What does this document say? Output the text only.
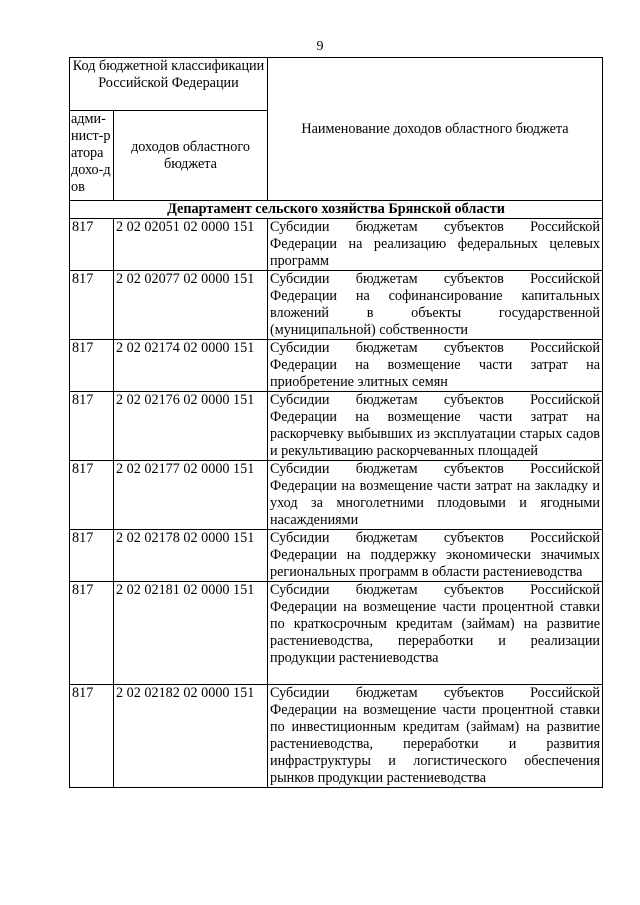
9
Код бюджетной классификации Российской Федерации		Наименование доходов областного бюджета
адми-нист-ратора дохо-дов	доходов областного бюджета	
Департамент сельского хозяйства Брянской области		
817	2 02 02051 02 0000 151	Субсидии бюджетам субъектов Российской Федерации на реализацию федеральных целевых программ
817	2 02 02077 02 0000 151	Субсидии бюджетам субъектов Российской Федерации на софинансирование капитальных вложений в объекты государственной (муниципальной) собственности
817	2 02 02174 02 0000 151	Субсидии бюджетам субъектов Российской Федерации на возмещение части затрат на приобретение элитных семян
817	2 02 02176 02 0000 151	Субсидии бюджетам субъектов Российской Федерации на возмещение части затрат на раскорчевку выбывших из эксплуатации старых садов и рекультивацию раскорчеванных площадей
817	2 02 02177 02 0000 151	Субсидии бюджетам субъектов Российской Федерации на возмещение части затрат на закладку и уход за многолетними плодовыми и ягодными насаждениями
817	2 02 02178 02 0000 151	Субсидии бюджетам субъектов Российской Федерации на поддержку экономически значимых региональных программ в области растениеводства
817	2 02 02181 02 0000 151	Субсидии бюджетам субъектов Российской Федерации на возмещение части процентной ставки по краткосрочным кредитам (займам) на развитие растениеводства, переработки и реализации продукции растениеводства
817	2 02 02182 02 0000 151	Субсидии бюджетам субъектов Российской Федерации на возмещение части процентной ставки по инвестиционным кредитам (займам) на развитие растениеводства, переработки и развития инфраструктуры и логистического обеспечения рынков продукции растениеводства
